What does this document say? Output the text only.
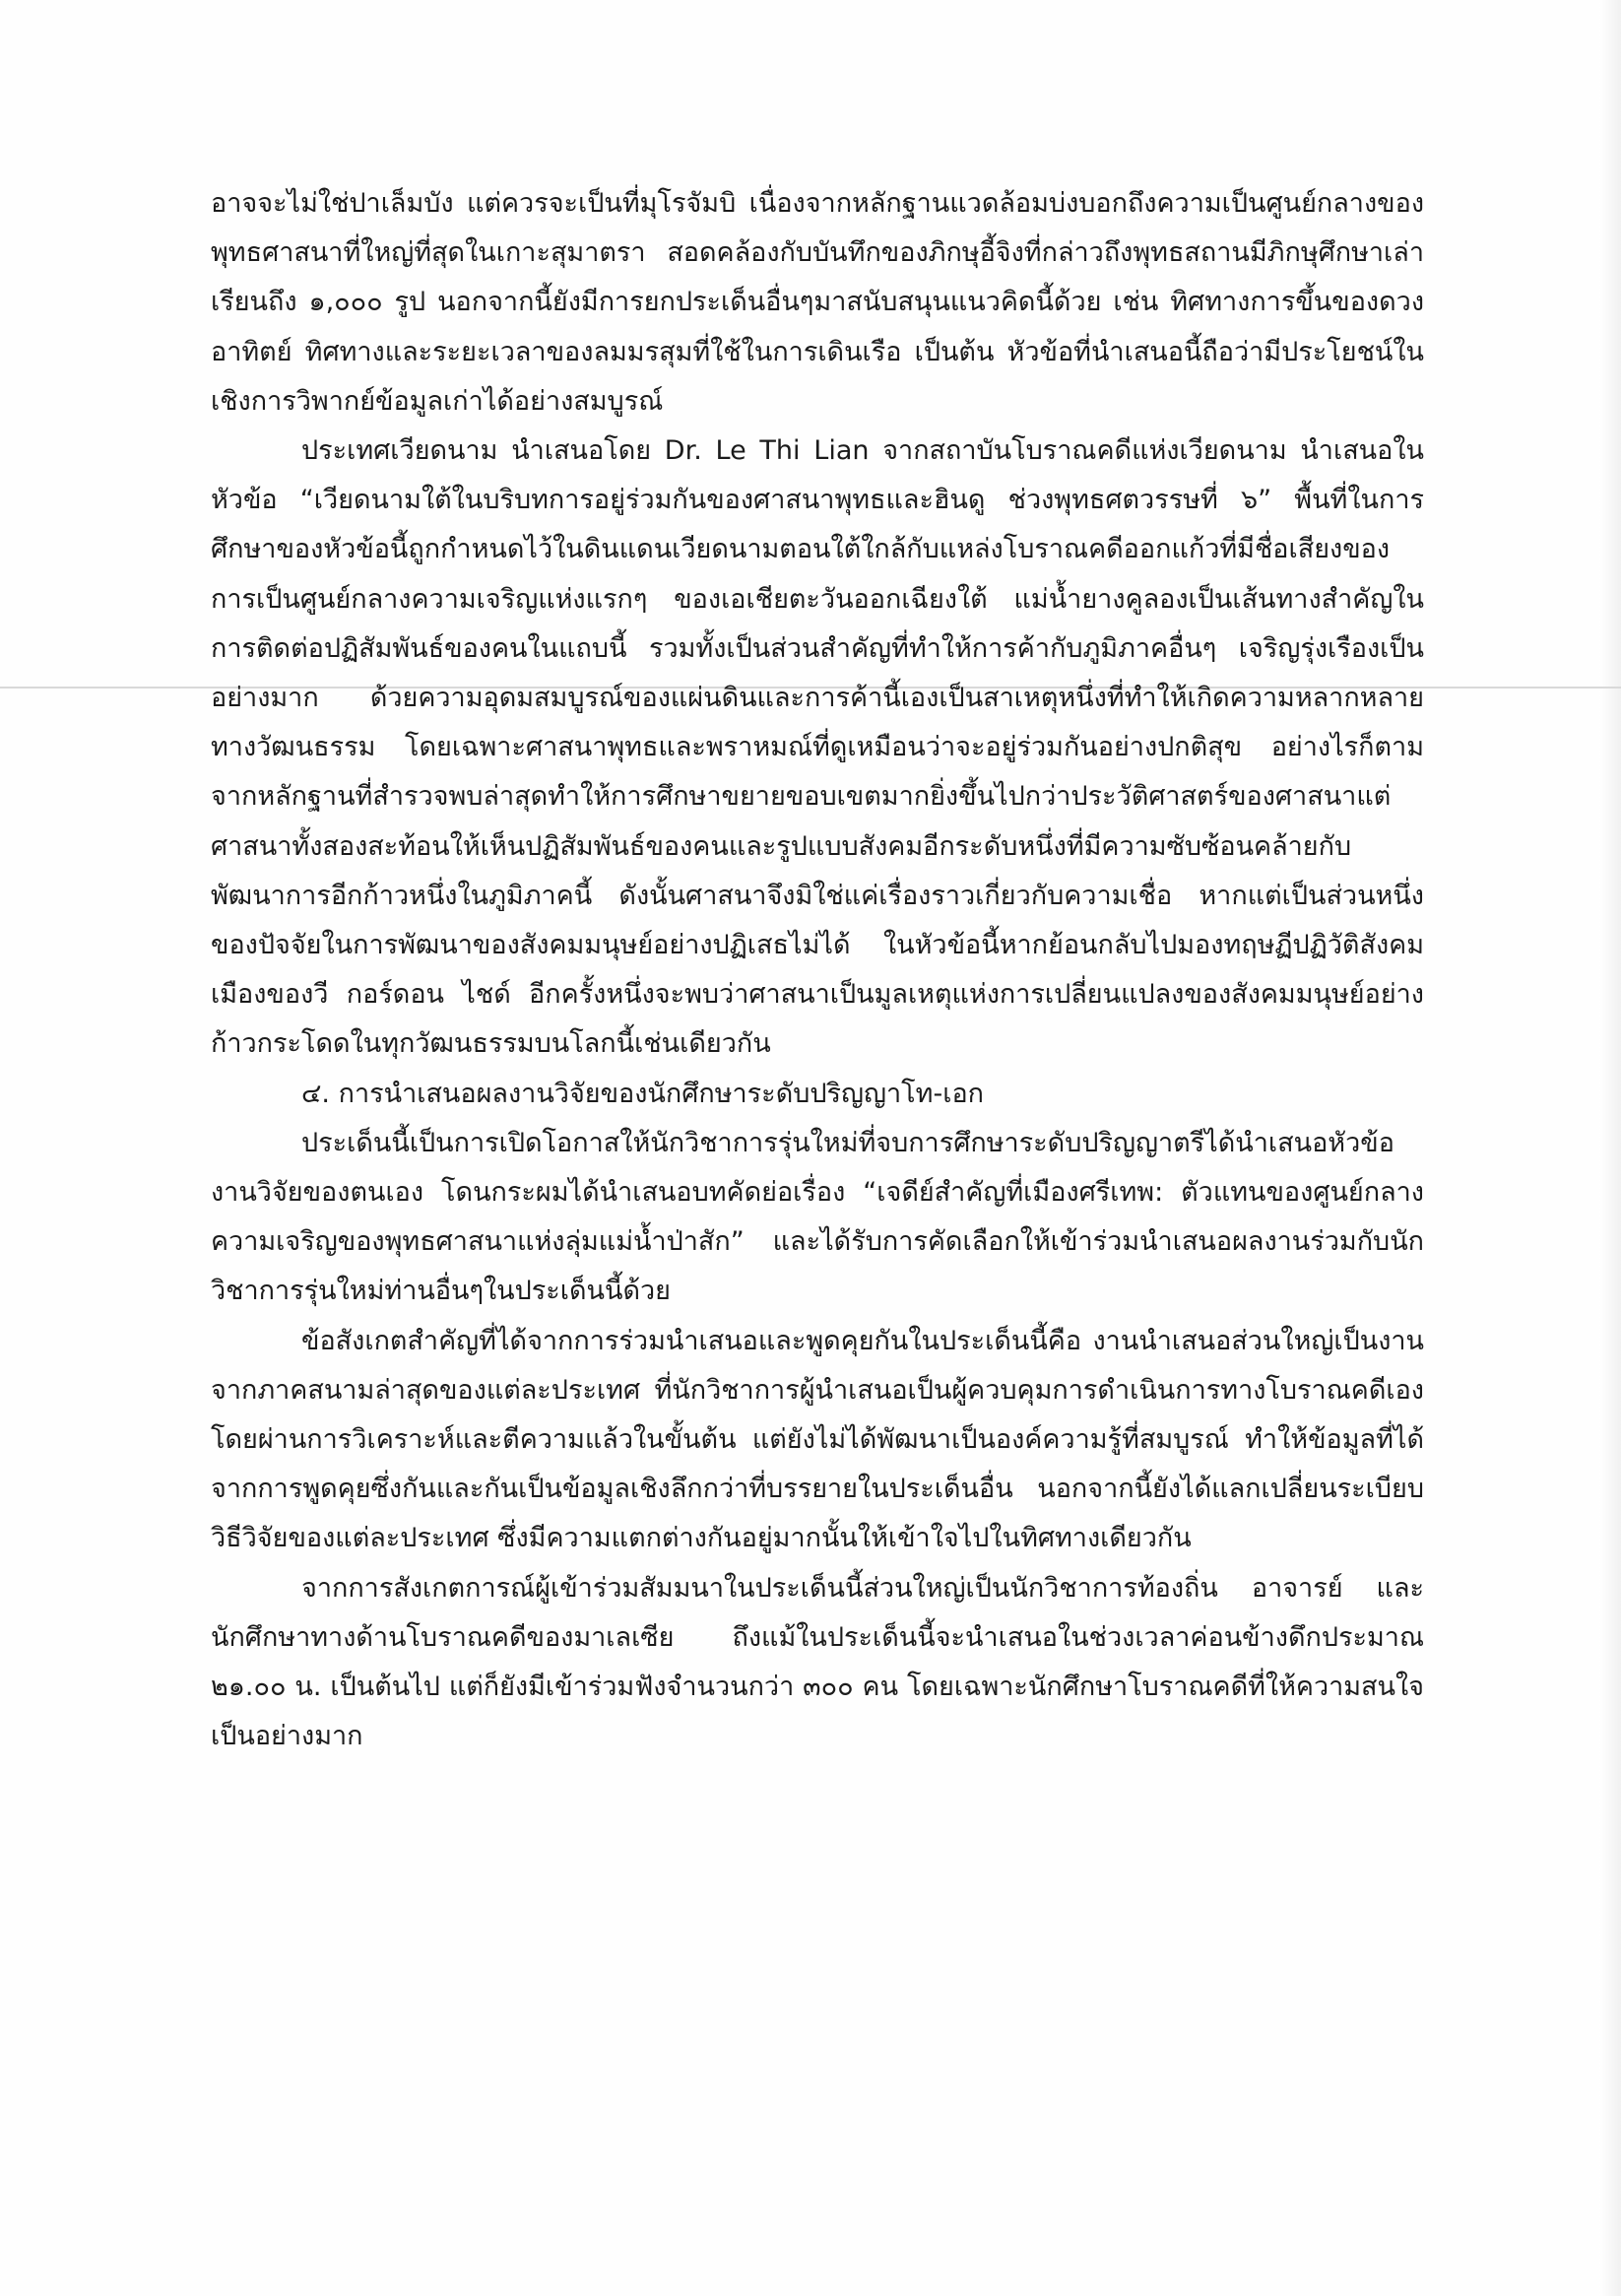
อาจจะไม่ใช่ปาเล็มบัง แต่ควรจะเป็นที่มุโรจัมบิ เนื่องจากหลักฐานแวดล้อมบ่งบอกถึงความเป็นศูนย์กลางของพุทธศาสนาที่ใหญ่ที่สุดในเกาะสุมาตรา สอดคล้องกับบันทึกของภิกษุอี้จิงที่กล่าวถึงพุทธสถานมีภิกษุศึกษาเล่าเรียนถึง ๑,๐๐๐ รูป นอกจากนี้ยังมีการยกประเด็นอื่นๆมาสนับสนุนแนวคิดนี้ด้วย เช่น ทิศทางการขึ้นของดวงอาทิตย์ ทิศทางและระยะเวลาของลมมรสุมที่ใช้ในการเดินเรือ เป็นต้น หัวข้อที่นำเสนอนี้ถือว่ามีประโยชน์ในเชิงการวิพากย์ข้อมูลเก่าได้อย่างสมบูรณ์

ประเทศเวียดนาม นำเสนอโดย Dr. Le Thi Lian จากสถาบันโบราณคดีแห่งเวียดนาม นำเสนอในหัวข้อ “เวียดนามใต้ในบริบทการอยู่ร่วมกันของศาสนาพุทธและฮินดู ช่วงพุทธศตวรรษที่ ๖” พื้นที่ในการศึกษาของหัวข้อนี้ถูกกำหนดไว้ในดินแดนเวียดนามตอนใต้ใกล้กับแหล่งโบราณคดีออกแก้วที่มีชื่อเสียงของการเป็นศูนย์กลางความเจริญแห่งแรกๆ ของเอเชียตะวันออกเฉียงใต้ แม่น้ำยางคูลองเป็นเส้นทางสำคัญในการติดต่อปฏิสัมพันธ์ของคนในแถบนี้ รวมทั้งเป็นส่วนสำคัญที่ทำให้การค้ากับภูมิภาคอื่นๆ เจริญรุ่งเรืองเป็นอย่างมาก ด้วยความอุดมสมบูรณ์ของแผ่นดินและการค้านี้เองเป็นสาเหตุหนึ่งที่ทำให้เกิดความหลากหลายทางวัฒนธรรม โดยเฉพาะศาสนาพุทธและพราหมณ์ที่ดูเหมือนว่าจะอยู่ร่วมกันอย่างปกติสุข อย่างไรก็ตามจากหลักฐานที่สำรวจพบล่าสุดทำให้การศึกษาขยายขอบเขตมากยิ่งขึ้นไปกว่าประวัติศาสตร์ของศาสนาแต่ศาสนาทั้งสองสะท้อนให้เห็นปฏิสัมพันธ์ของคนและรูปแบบสังคมอีกระดับหนึ่งที่มีความซับซ้อนคล้ายกับพัฒนาการอีกก้าวหนึ่งในภูมิภาคนี้ ดังนั้นศาสนาจึงมิใช่แค่เรื่องราวเกี่ยวกับความเชื่อ หากแต่เป็นส่วนหนึ่งของปัจจัยในการพัฒนาของสังคมมนุษย์อย่างปฏิเสธไม่ได้ ในหัวข้อนี้หากย้อนกลับไปมองทฤษฏีปฏิวัติสังคมเมืองของวี กอร์ดอน ไชด์ อีกครั้งหนึ่งจะพบว่าศาสนาเป็นมูลเหตุแห่งการเปลี่ยนแปลงของสังคมมนุษย์อย่างก้าวกระโดดในทุกวัฒนธรรมบนโลกนี้เช่นเดียวกัน

๔. การนำเสนอผลงานวิจัยของนักศึกษาระดับปริญญาโท-เอก

ประเด็นนี้เป็นการเปิดโอกาสให้นักวิชาการรุ่นใหม่ที่จบการศึกษาระดับปริญญาตรีได้นำเสนอหัวข้องานวิจัยของตนเอง โดนกระผมได้นำเสนอบทคัดย่อเรื่อง “เจดีย์สำคัญที่เมืองศรีเทพ: ตัวแทนของศูนย์กลางความเจริญของพุทธศาสนาแห่งลุ่มแม่น้ำป่าสัก” และได้รับการคัดเลือกให้เข้าร่วมนำเสนอผลงานร่วมกับนักวิชาการรุ่นใหม่ท่านอื่นๆในประเด็นนี้ด้วย

ข้อสังเกตสำคัญที่ได้จากการร่วมนำเสนอและพูดคุยกันในประเด็นนี้คือ งานนำเสนอส่วนใหญ่เป็นงานจากภาคสนามล่าสุดของแต่ละประเทศ ที่นักวิชาการผู้นำเสนอเป็นผู้ควบคุมการดำเนินการทางโบราณคดีเองโดยผ่านการวิเคราะห์และตีความแล้วในขั้นต้น แต่ยังไม่ได้พัฒนาเป็นองค์ความรู้ที่สมบูรณ์ ทำให้ข้อมูลที่ได้จากการพูดคุยซึ่งกันและกันเป็นข้อมูลเชิงลึกกว่าที่บรรยายในประเด็นอื่น นอกจากนี้ยังได้แลกเปลี่ยนระเบียบวิธีวิจัยของแต่ละประเทศ ซึ่งมีความแตกต่างกันอยู่มากนั้นให้เข้าใจไปในทิศทางเดียวกัน

จากการสังเกตการณ์ผู้เข้าร่วมสัมมนาในประเด็นนี้ส่วนใหญ่เป็นนักวิชาการท้องถิ่น อาจารย์ และนักศึกษาทางด้านโบราณคดีของมาเลเซีย ถึงแม้ในประเด็นนี้จะนำเสนอในช่วงเวลาค่อนข้างดึกประมาณ ๒๑.๐๐ น. เป็นต้นไป แต่ก็ยังมีเข้าร่วมฟังจำนวนกว่า ๓๐๐ คน โดยเฉพาะนักศึกษาโบราณคดีที่ให้ความสนใจเป็นอย่างมาก
